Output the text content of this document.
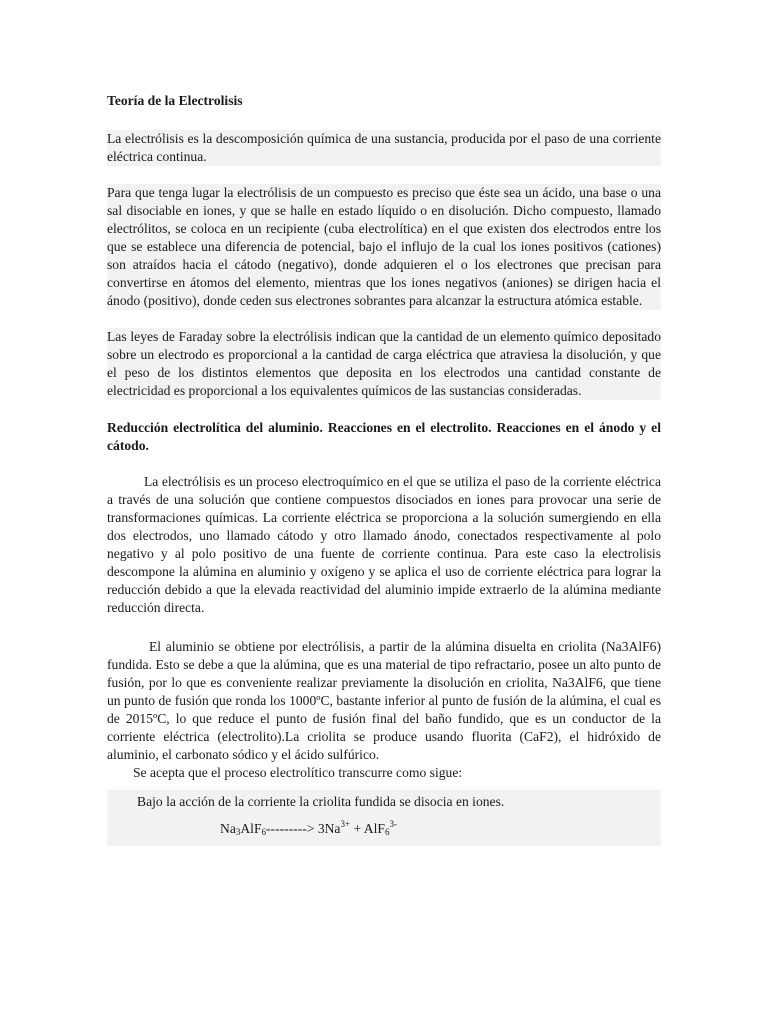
Teoría de la Electrolisis

La electrólisis es la descomposición química de una sustancia, producida por el paso de una corriente eléctrica continua.

Para que tenga lugar la electrólisis de un compuesto es preciso que éste sea un ácido, una base o una sal disociable en iones, y que se halle en estado líquido o en disolución. Dicho compuesto, llamado electrólitos, se coloca en un recipiente (cuba electrolítica) en el que existen dos electrodos entre los que se establece una diferencia de potencial, bajo el influjo de la cual los iones positivos (cationes) son atraídos hacia el cátodo (negativo), donde adquieren el o los electrones que precisan para convertirse en átomos del elemento, mientras que los iones negativos (aniones) se dirigen hacia el ánodo (positivo), donde ceden sus electrones sobrantes para alcanzar la estructura atómica estable.

Las leyes de Faraday sobre la electrólisis indican que la cantidad de un elemento químico depositado sobre un electrodo es proporcional a la cantidad de carga eléctrica que atraviesa la disolución, y que el peso de los distintos elementos que deposita en los electrodos una cantidad constante de electricidad es proporcional a los equivalentes químicos de las sustancias consideradas.

Reducción electrolítica del aluminio. Reacciones en el electrolito. Reacciones en el ánodo y el cátodo.

La electrólisis es un proceso electroquímico en el que se utiliza el paso de la corriente eléctrica a través de una solución que contiene compuestos disociados en iones para provocar una serie de transformaciones químicas. La corriente eléctrica se proporciona a la solución sumergiendo en ella dos electrodos, uno llamado cátodo y otro llamado ánodo, conectados respectivamente al polo negativo y al polo positivo de una fuente de corriente continua. Para este caso la electrolisis descompone la alúmina en aluminio y oxígeno y se aplica el uso de corriente eléctrica para lograr la reducción debido a que la elevada reactividad del aluminio impide extraerlo de la alúmina mediante reducción directa.

El aluminio se obtiene por electrólisis, a partir de la alúmina disuelta en criolita (Na3AlF6) fundida. Esto se debe a que la alúmina, que es una material de tipo refractario, posee un alto punto de fusión, por lo que es conveniente realizar previamente la disolución en criolita, Na3AlF6, que tiene un punto de fusión que ronda los 1000ºC, bastante inferior al punto de fusión de la alúmina, el cual es de 2015ºC, lo que reduce el punto de fusión final del baño fundido, que es un conductor de la corriente eléctrica (electrolito).La criolita se produce usando fluorita (CaF2), el hidróxido de aluminio, el carbonato sódico y el ácido sulfúrico.

Se acepta que el proceso electrolítico transcurre como sigue:

Bajo la acción de la corriente la criolita fundida se disocia en iones.
$Na_3AlF_6---------> 3Na^{3+} + AlF_6^{3-}$
